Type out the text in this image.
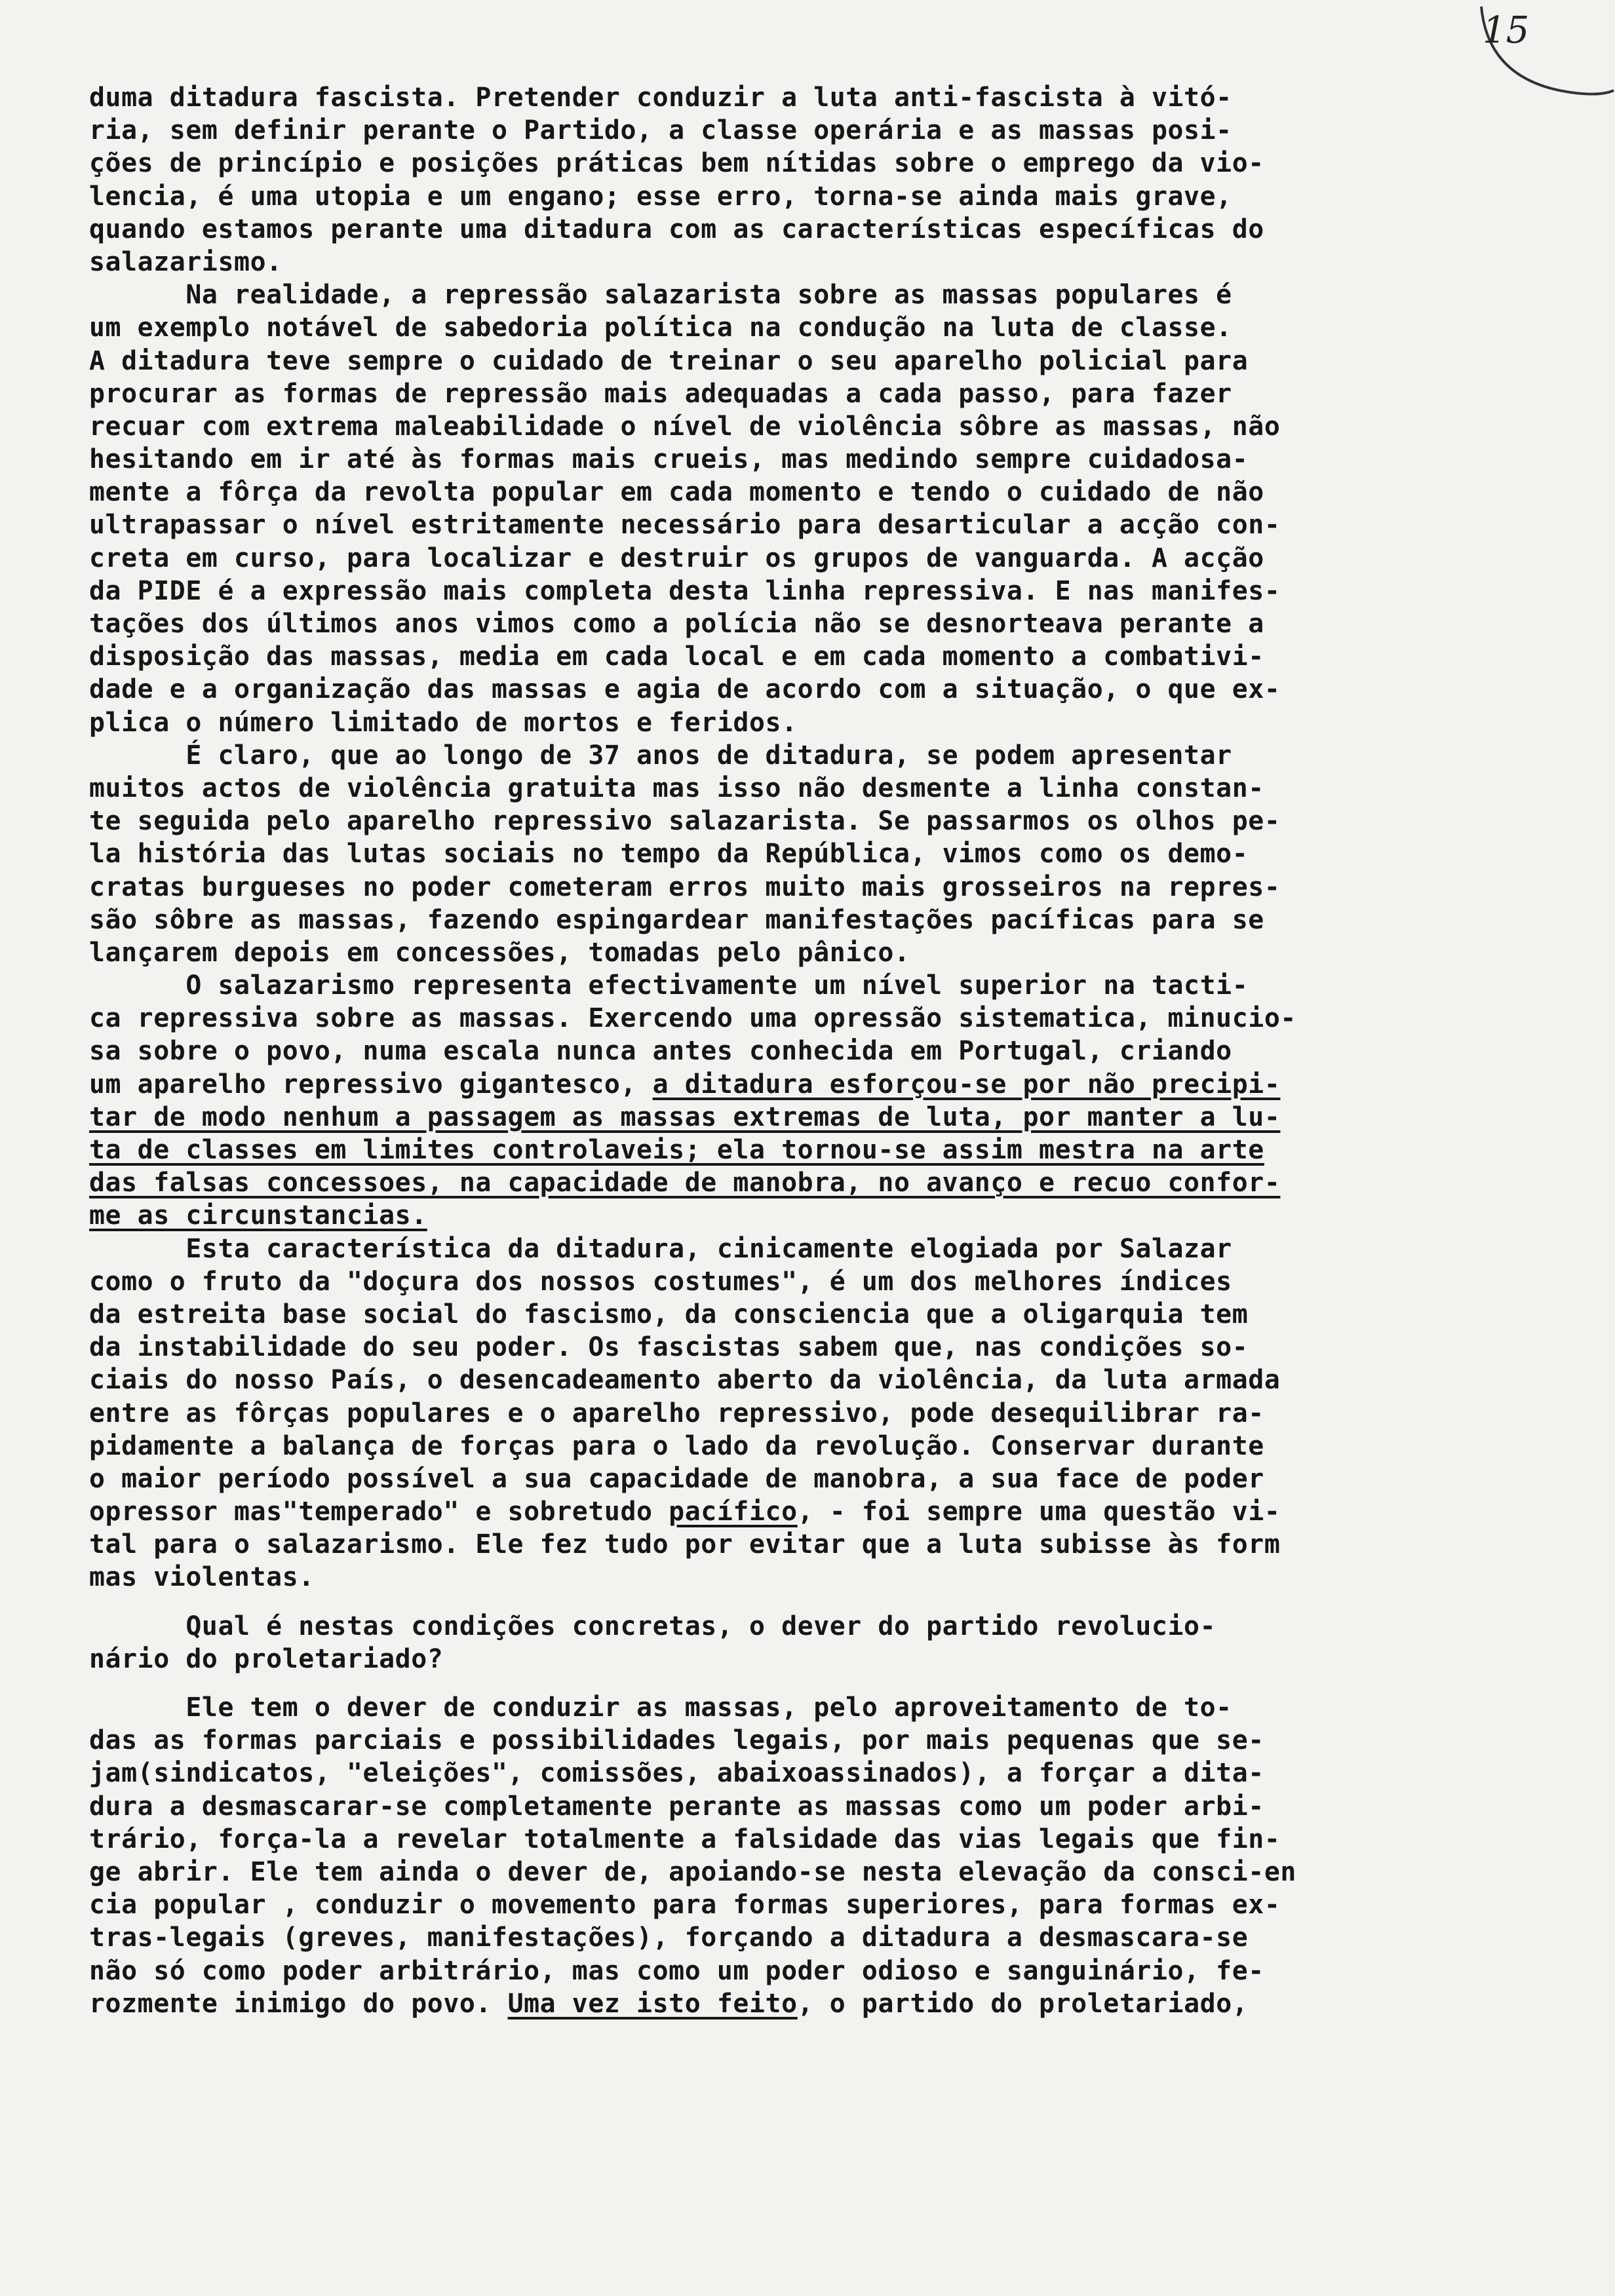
15
duma ditadura fascista. Pretender conduzir a luta anti-fascista à vitó-
ria, sem definir perante o Partido, a classe operária e as massas posi-
ções de princípio e posições práticas bem nítidas sobre o emprego da vio-
lencia, é uma utopia e um engano; esse erro, torna-se ainda mais grave,
quando estamos perante uma ditadura com as características específicas do
salazarismo.
Na realidade, a repressão salazarista sobre as massas populares é
um exemplo notável de sabedoria política na condução na luta de classe.
A ditadura teve sempre o cuidado de treinar o seu aparelho policial para
procurar as formas de repressão mais adequadas a cada passo, para fazer
recuar com extrema maleabilidade o nível de violência sôbre as massas, não
hesitando em ir até às formas mais crueis, mas medindo sempre cuidadosa-
mente a fôrça da revolta popular em cada momento e tendo o cuidado de não
ultrapassar o nível estritamente necessário para desarticular a acção con-
creta em curso, para localizar e destruir os grupos de vanguarda. A acção
da PIDE é a expressão mais completa desta linha repressiva. E nas manifes-
tações dos últimos anos vimos como a polícia não se desnorteava perante a
disposição das massas, media em cada local e em cada momento a combativi-
dade e a organização das massas e agia de acordo com a situação, o que ex-
plica o número limitado de mortos e feridos.
É claro, que ao longo de 37 anos de ditadura, se podem apresentar
muitos actos de violência gratuita mas isso não desmente a linha constan-
te seguida pelo aparelho repressivo salazarista. Se passarmos os olhos pe-
la história das lutas sociais no tempo da República, vimos como os demo-
cratas burgueses no poder cometeram erros muito mais grosseiros na repres-
são sôbre as massas, fazendo espingardear manifestações pacíficas para se
lançarem depois em concessões, tomadas pelo pânico.
O salazarismo representa efectivamente um nível superior na tacti-
ca repressiva sobre as massas. Exercendo uma opressão sistematica, minucio-
sa sobre o povo, numa escala nunca antes conhecida em Portugal, criando
um aparelho repressivo gigantesco, a ditadura esforçou-se por não precipi-
tar de modo nenhum a passagem as massas extremas de luta, por manter a lu-
ta de classes em limites controlaveis; ela tornou-se assim mestra na arte
das falsas concessoes, na capacidade de manobra, no avanço e recuo confor-
me as circunstancias.
Esta característica da ditadura, cinicamente elogiada por Salazar
como o fruto da "doçura dos nossos costumes", é um dos melhores índices
da estreita base social do fascismo, da consciencia que a oligarquia tem
da instabilidade do seu poder. Os fascistas sabem que, nas condições so-
ciais do nosso País, o desencadeamento aberto da violência, da luta armada
entre as fôrças populares e o aparelho repressivo, pode desequilibrar ra-
pidamente a balança de forças para o lado da revolução. Conservar durante
o maior período possível a sua capacidade de manobra, a sua face de poder
opressor mas"temperado" e sobretudo pacífico, - foi sempre uma questão vi-
tal para o salazarismo. Ele fez tudo por evitar que a luta subisse às form
mas violentas.
Qual é nestas condições concretas, o dever do partido revolucio-
nário do proletariado?
Ele tem o dever de conduzir as massas, pelo aproveitamento de to-
das as formas parciais e possibilidades legais, por mais pequenas que se-
jam(sindicatos, "eleições", comissões, abaixoassinados), a forçar a dita-
dura a desmascarar-se completamente perante as massas como um poder arbi-
trário, força-la a revelar totalmente a falsidade das vias legais que fin-
ge abrir. Ele tem ainda o dever de, apoiando-se nesta elevação da consci-en
cia popular , conduzir o movemento para formas superiores, para formas ex-
tras-legais (greves, manifestações), forçando a ditadura a desmascara-se
não só como poder arbitrário, mas como um poder odioso e sanguinário, fe-
rozmente inimigo do povo. Uma vez isto feito, o partido do proletariado,
